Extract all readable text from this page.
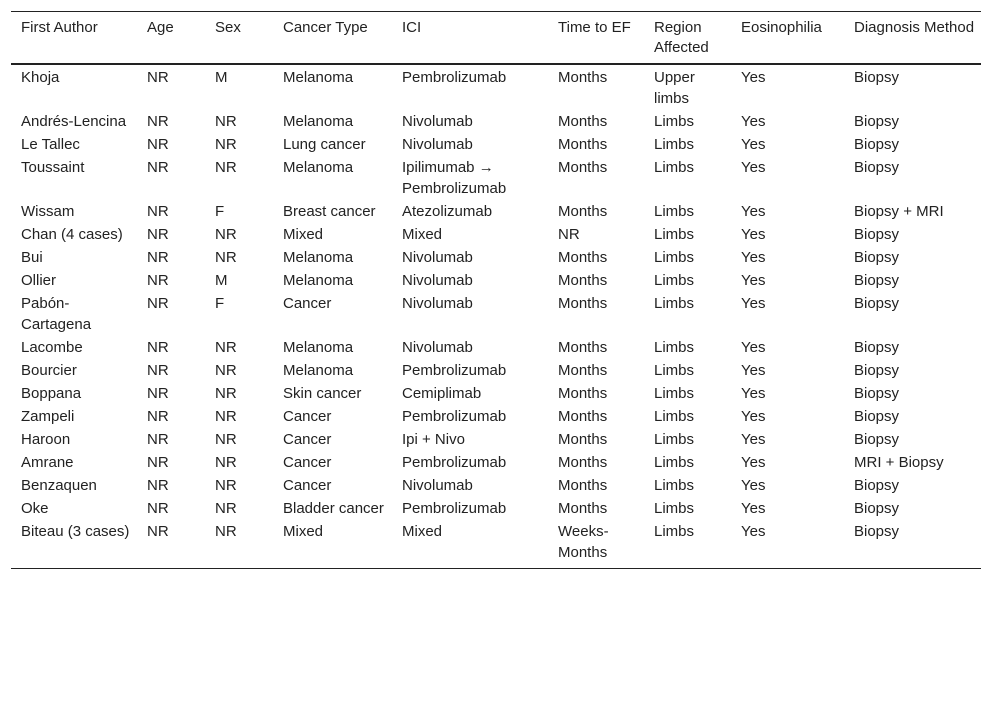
First Author	Age	Sex	Cancer Type	ICI	Time to EF	Region Affected	Eosinophilia	Diagnosis Method
Khoja	NR	M	Melanoma	Pembrolizumab	Months	Upper limbs	Yes	Biopsy
Andrés-Lencina	NR	NR	Melanoma	Nivolumab	Months	Limbs	Yes	Biopsy
Le Tallec	NR	NR	Lung cancer	Nivolumab	Months	Limbs	Yes	Biopsy
Toussaint	NR	NR	Melanoma	Ipilimumab → Pembrolizumab	Months	Limbs	Yes	Biopsy
Wissam	NR	F	Breast cancer	Atezolizumab	Months	Limbs	Yes	Biopsy + MRI
Chan (4 cases)	NR	NR	Mixed	Mixed	NR	Limbs	Yes	Biopsy
Bui	NR	NR	Melanoma	Nivolumab	Months	Limbs	Yes	Biopsy
Ollier	NR	M	Melanoma	Nivolumab	Months	Limbs	Yes	Biopsy
Pabón-Cartagena	NR	F	Cancer	Nivolumab	Months	Limbs	Yes	Biopsy
Lacombe	NR	NR	Melanoma	Nivolumab	Months	Limbs	Yes	Biopsy
Bourcier	NR	NR	Melanoma	Pembrolizumab	Months	Limbs	Yes	Biopsy
Boppana	NR	NR	Skin cancer	Cemiplimab	Months	Limbs	Yes	Biopsy
Zampeli	NR	NR	Cancer	Pembrolizumab	Months	Limbs	Yes	Biopsy
Haroon	NR	NR	Cancer	Ipi + Nivo	Months	Limbs	Yes	Biopsy
Amrane	NR	NR	Cancer	Pembrolizumab	Months	Limbs	Yes	MRI + Biopsy
Benzaquen	NR	NR	Cancer	Nivolumab	Months	Limbs	Yes	Biopsy
Oke	NR	NR	Bladder cancer	Pembrolizumab	Months	Limbs	Yes	Biopsy
Biteau (3 cases)	NR	NR	Mixed	Mixed	Weeks-Months	Limbs	Yes	Biopsy
